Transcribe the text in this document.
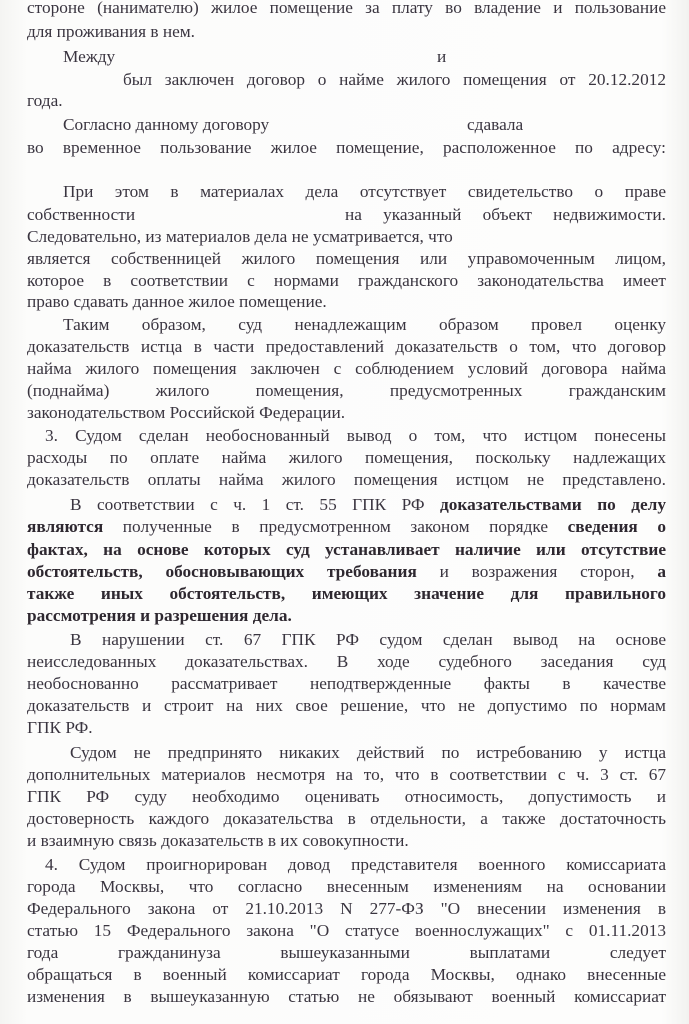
стороне (нанимателю) жилое помещение за плату во владение и пользование
для проживания в нем.
Между	и
был заключен договор о найме жилого помещения от 20.12.2012
года.
Согласно данному договору	сдавала
во временное пользование жилое помещение, расположенное по адресу:
При этом в материалах дела отсутствует свидетельство о праве
собственности	на указанный объект недвижимости.
Следовательно, из материалов дела не усматривается, что
является собственницей жилого помещения или управомоченным лицом,
которое в соответствии с нормами гражданского законодательства имеет
право сдавать данное жилое помещение.
Таким образом, суд ненадлежащим образом провел оценку
доказательств истца в части предоставлений доказательств о том, что договор
найма жилого помещения заключен с соблюдением условий договора найма
(поднайма) жилого помещения, предусмотренных гражданским
законодательством Российской Федерации.
3. Судом сделан необоснованный вывод о том, что истцом понесены
расходы по оплате найма жилого помещения, поскольку надлежащих
доказательств оплаты найма жилого помещения истцом не представлено.
В соответствии с ч. 1 ст. 55 ГПК РФ доказательствами по делу
являются полученные в предусмотренном законом порядке сведения о
фактах, на основе которых суд устанавливает наличие или отсутствие
обстоятельств, обосновывающих требования и возражения сторон, а
также иных обстоятельств, имеющих значение для правильного
рассмотрения и разрешения дела.
В нарушении ст. 67 ГПК РФ судом сделан вывод на основе
неисследованных доказательствах. В ходе судебного заседания суд
необоснованно рассматривает неподтвержденные факты в качестве
доказательств и строит на них свое решение, что не допустимо по нормам
ГПК РФ.
Судом не предпринято никаких действий по истребованию у истца
дополнительных материалов несмотря на то, что в соответствии с ч. 3 ст. 67
ГПК РФ суду необходимо оценивать относимость, допустимость и
достоверность каждого доказательства в отдельности, а также достаточность
и взаимную связь доказательств в их совокупности.
4. Судом проигнорирован довод представителя военного комиссариата
города Москвы, что согласно внесенным изменениям на основании
Федерального закона от 21.10.2013 N 277-ФЗ "О внесении изменения в
статью 15 Федерального закона "О статусе военнослужащих" с 01.11.2013
года гражданинуза вышеуказанными выплатами следует
обращаться в военный комиссариат города Москвы, однако внесенные
изменения в вышеуказанную статью не обязывают военный комиссариат
